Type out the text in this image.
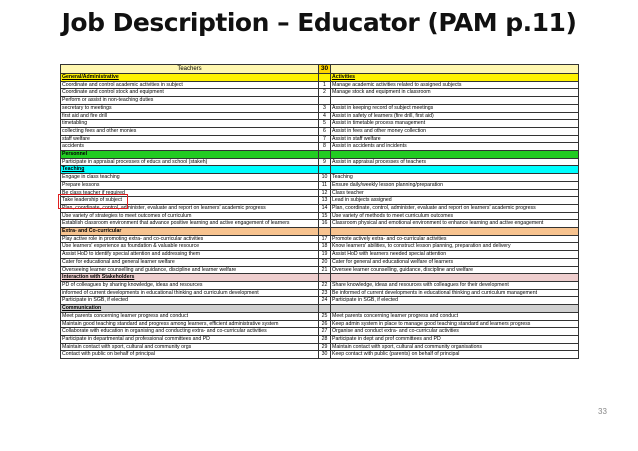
Job Description – Educator (PAM p.11)
Teachers	30	
General/Administrative		Activities
Coordinate and control academic activities in subject	1	Manage academic activities related to assigned subjects
Coordinate and control stock and equipment	2	Manage stock and equipment in classroom
Perform or assist in non-teaching duties		
secretary to meetings	3	Assist in keeping record of subject meetings
first aid and fire drill	4	Assist in safety of learners (fire drill, first aid)
timetabling	5	Assist in timetable process management
collecting fees and other monies	6	Assist in fees and other money collection
staff welfare	7	Assist in staff welfare
accidents	8	Assist in accidents and incidents
Personnel		
Participate in appraisal processes of educs and school (stakeh)	9	Assist in appraisal processes of teachers
Teaching		
Engage in class teaching	10	Teaching
Prepare lessons	11	Ensure daily/weekly lesson planning/preparation
Be class teacher if required	12	Class teacher
Take leadership of subject	13	Lead in subjects assigned
Plan, coordinate, control, administer, evaluate and report on learners' academic progress	14	Plan, coordinate, control, administer, evaluate and report on learners' academic progress
Use variety of strategies to meet outcomes of curriculum	15	Use variety of methods to meet curriculum outcomes
Establish classroom environment that advance positive learning and active engagement of learners	16	Classroom physical and emotional environment to enhance learning and active engagement
Extra- and Co-curricular		
Play active role in promoting extra- and co-curricular activities	17	Promote actively extra- and co-curricular activities
Use learners' experience as foundation & valuable resource	18	Know learners' abilities, to construct lesson planning, preparation and delivery
Assist HoD to identify special attention and addressing them	19	Assist HoD with learners needed special attention
Cater for educational and general learner welfare	20	Cater for general and educational welfare of learners
Overseeing learner counselling and guidance, discipline and learner welfare	21	Oversee learner counselling, guidance, discipline and welfare
Interaction with Stakeholders		
PD of colleagues by sharing knowledge, ideas and resources	22	Share knowledge, ideas and resources with colleagues for their development
informed of current developments in educational thinking and curriculum development	23	Be informed of current developments in educational thinking and curriculum management
Participate in SGB, if elected	24	Participate in SGB, if elected
Communication		
Meet parents concerning learner progress and conduct	25	Meet parents concerning learner progress and conduct
Maintain good teaching standard and progress among learners, efficient administrative system	26	Keep admin system in place to manage good teaching standard and learners progress
Collaborate with education in organising and conducting extra- and co-curricular activities	27	Organise and conduct extra- and co-curricular activities
Participate in departmental and professional committees and PD	28	Participate in dept and prof committees and PD
Maintain contact with sport, cultural and community orgs	29	Maintain contact with sport, cultural and community organisations
Contact with public on behalf of principal	30	Keep contact with public (parents) on behalf of principal
33
